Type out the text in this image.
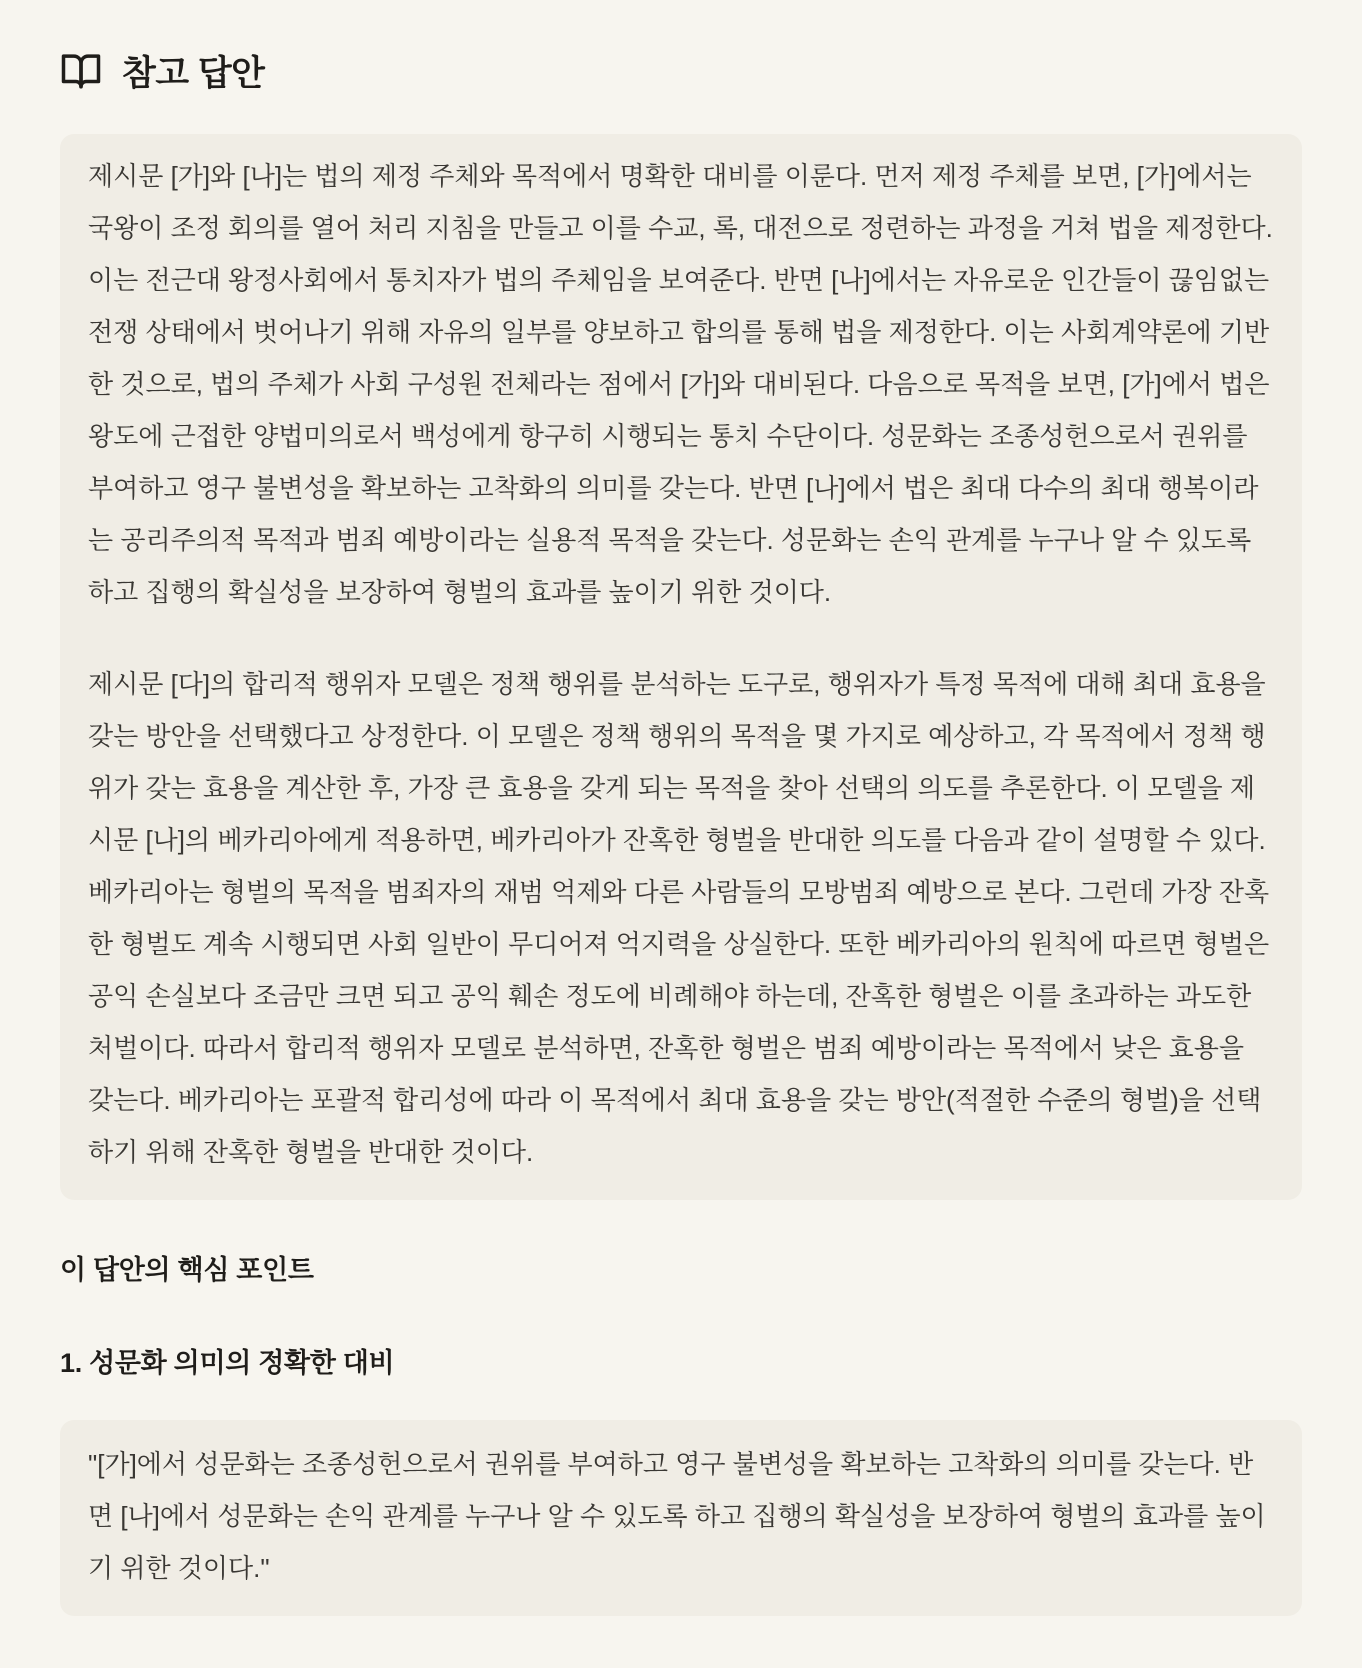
참고 답안

제시문 [가]와 [나]는 법의 제정 주체와 목적에서 명확한 대비를 이룬다. 먼저 제정 주체를 보면, [가]에서는 국왕이 조정 회의를 열어 처리 지침을 만들고 이를 수교, 록, 대전으로 정련하는 과정을 거쳐 법을 제정한다. 이는 전근대 왕정사회에서 통치자가 법의 주체임을 보여준다. 반면 [나]에서는 자유로운 인간들이 끊임없는 전쟁 상태에서 벗어나기 위해 자유의 일부를 양보하고 합의를 통해 법을 제정한다. 이는 사회계약론에 기반한 것으로, 법의 주체가 사회 구성원 전체라는 점에서 [가]와 대비된다. 다음으로 목적을 보면, [가]에서 법은 왕도에 근접한 양법미의로서 백성에게 항구히 시행되는 통치 수단이다. 성문화는 조종성헌으로서 권위를 부여하고 영구 불변성을 확보하는 고착화의 의미를 갖는다. 반면 [나]에서 법은 최대 다수의 최대 행복이라는 공리주의적 목적과 범죄 예방이라는 실용적 목적을 갖는다. 성문화는 손익 관계를 누구나 알 수 있도록 하고 집행의 확실성을 보장하여 형벌의 효과를 높이기 위한 것이다.

제시문 [다]의 합리적 행위자 모델은 정책 행위를 분석하는 도구로, 행위자가 특정 목적에 대해 최대 효용을 갖는 방안을 선택했다고 상정한다. 이 모델은 정책 행위의 목적을 몇 가지로 예상하고, 각 목적에서 정책 행위가 갖는 효용을 계산한 후, 가장 큰 효용을 갖게 되는 목적을 찾아 선택의 의도를 추론한다. 이 모델을 제시문 [나]의 베카리아에게 적용하면, 베카리아가 잔혹한 형벌을 반대한 의도를 다음과 같이 설명할 수 있다. 베카리아는 형벌의 목적을 범죄자의 재범 억제와 다른 사람들의 모방범죄 예방으로 본다. 그런데 가장 잔혹한 형벌도 계속 시행되면 사회 일반이 무디어져 억지력을 상실한다. 또한 베카리아의 원칙에 따르면 형벌은 공익 손실보다 조금만 크면 되고 공익 훼손 정도에 비례해야 하는데, 잔혹한 형벌은 이를 초과하는 과도한 처벌이다. 따라서 합리적 행위자 모델로 분석하면, 잔혹한 형벌은 범죄 예방이라는 목적에서 낮은 효용을 갖는다. 베카리아는 포괄적 합리성에 따라 이 목적에서 최대 효용을 갖는 방안(적절한 수준의 형벌)을 선택하기 위해 잔혹한 형벌을 반대한 것이다.

이 답안의 핵심 포인트
1. 성문화 의미의 정확한 대비

"[가]에서 성문화는 조종성헌으로서 권위를 부여하고 영구 불변성을 확보하는 고착화의 의미를 갖는다. 반면 [나]에서 성문화는 손익 관계를 누구나 알 수 있도록 하고 집행의 확실성을 보장하여 형벌의 효과를 높이기 위한 것이다."
